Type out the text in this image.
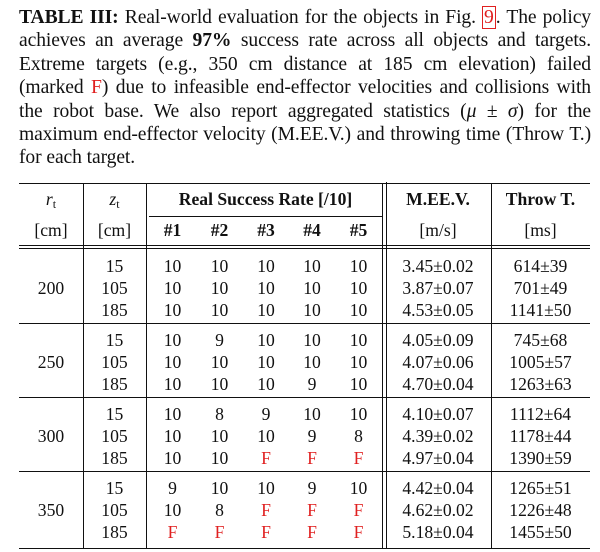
TABLE III: Real-world evaluation for the objects in Fig. 9 . The policy achieves an average 97% success rate across all objects and targets. Extreme targets (e.g., 350 cm distance at 185 cm elevation) failed (marked F) due to infeasible end-effector velocities and collisions with the robot base. We also report aggregated statistics (μ ± σ) for the maximum end-effector velocity (M.EE.V.) and throwing time (Throw T.) for each target.
$r_t$	$z_t$	Real Success Rate [/10]	M.EE.V.	Throw T.
[cm]	[cm]	#1	#2	#3	#4	#5	[m/s]	[ms]
200
15	10	10	10	10	10	3.45±0.02	614±39
105	10	10	10	10	10	3.87±0.07	701±49
185	10	10	10	10	10	4.53±0.05	1141±50
250
15	10	9	10	10	10	4.05±0.09	745±68
105	10	10	10	10	10	4.07±0.06	1005±57
185	10	10	10	9	10	4.70±0.04	1263±63
300
15	10	8	9	10	10	4.10±0.07	1112±64
105	10	10	10	9	8	4.39±0.02	1178±44
185	10	10	F	F	F	4.97±0.04	1390±59
350
15	9	10	10	9	10	4.42±0.04	1265±51
105	10	8	F	F	F	4.62±0.02	1226±48
185	F	F	F	F	F	5.18±0.04	1455±50
